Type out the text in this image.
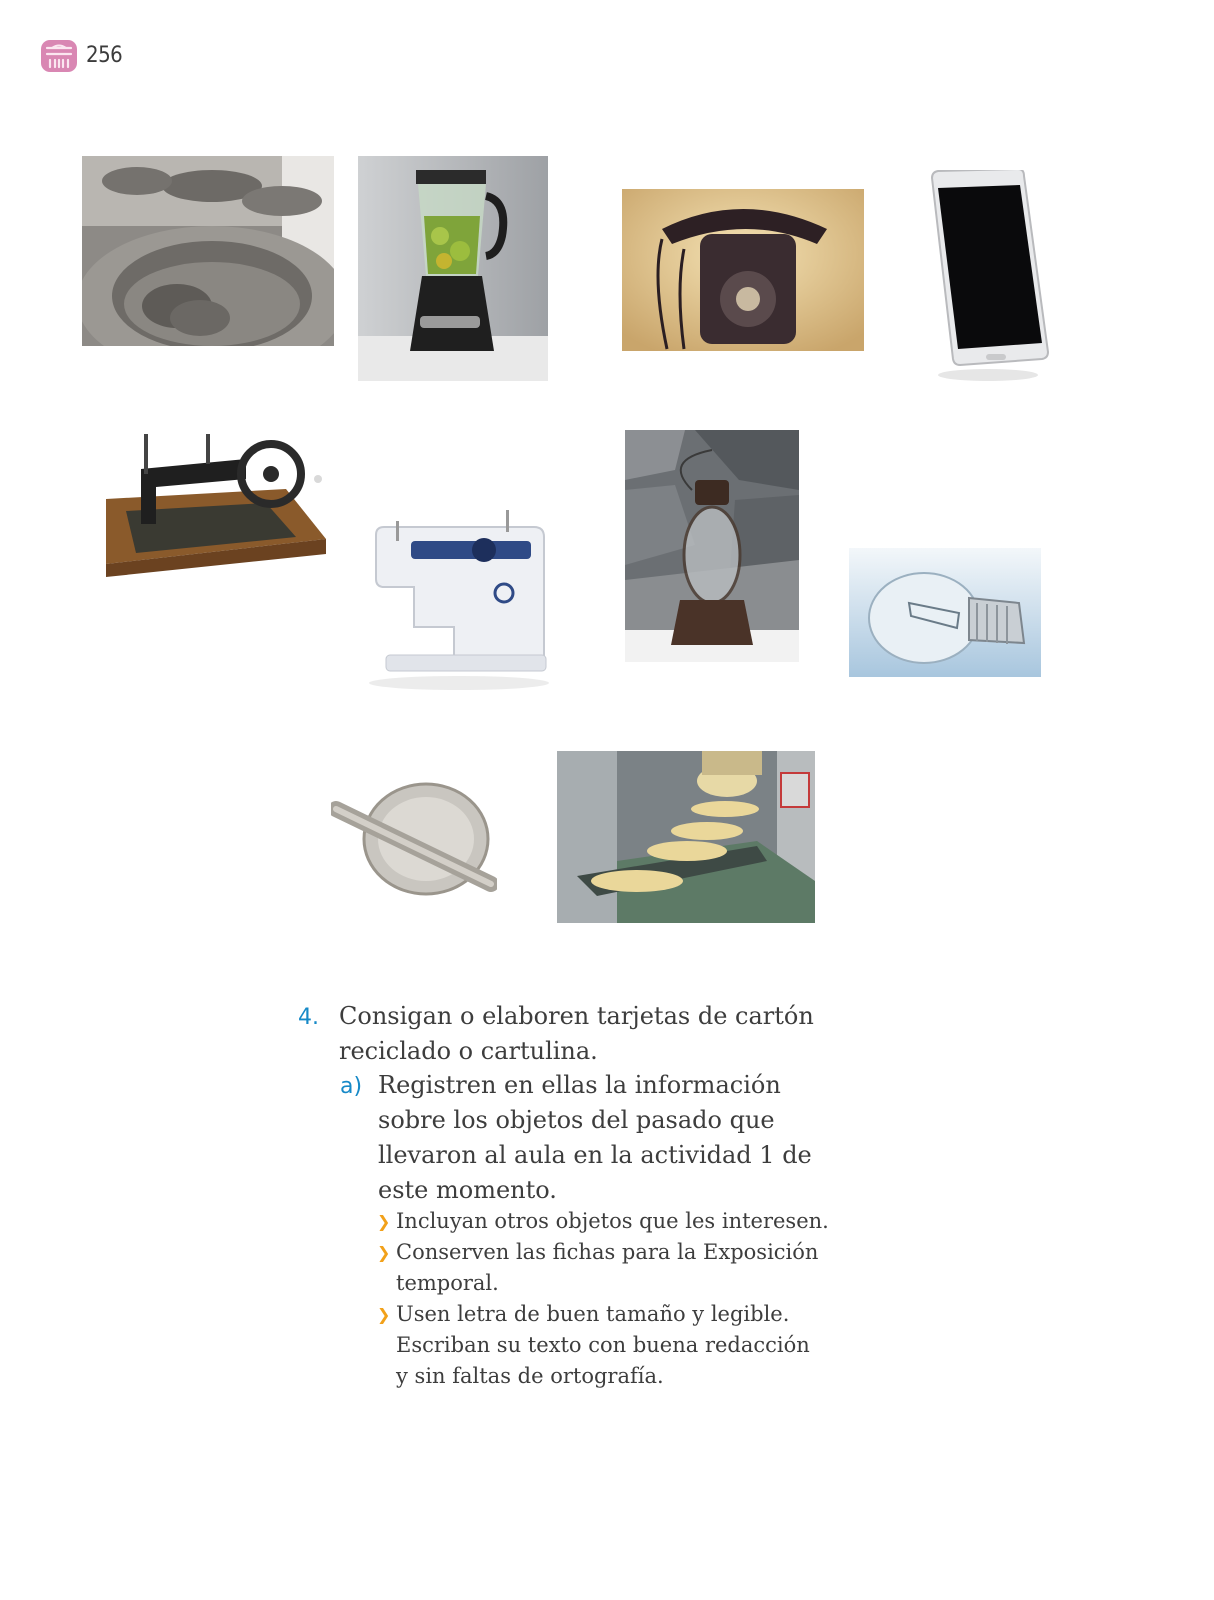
256
4. Consigan o elaboren tarjetas de cartón
reciclado o cartulina.
a) Registren en ellas la información
sobre los objetos del pasado que
llevaron al aula en la actividad 1 de
este momento.
❯ Incluyan otros objetos que les interesen.
❯ Conserven las fichas para la Exposición
temporal.
❯ Usen letra de buen tamaño y legible.
Escriban su texto con buena redacción
y sin faltas de ortografía.
